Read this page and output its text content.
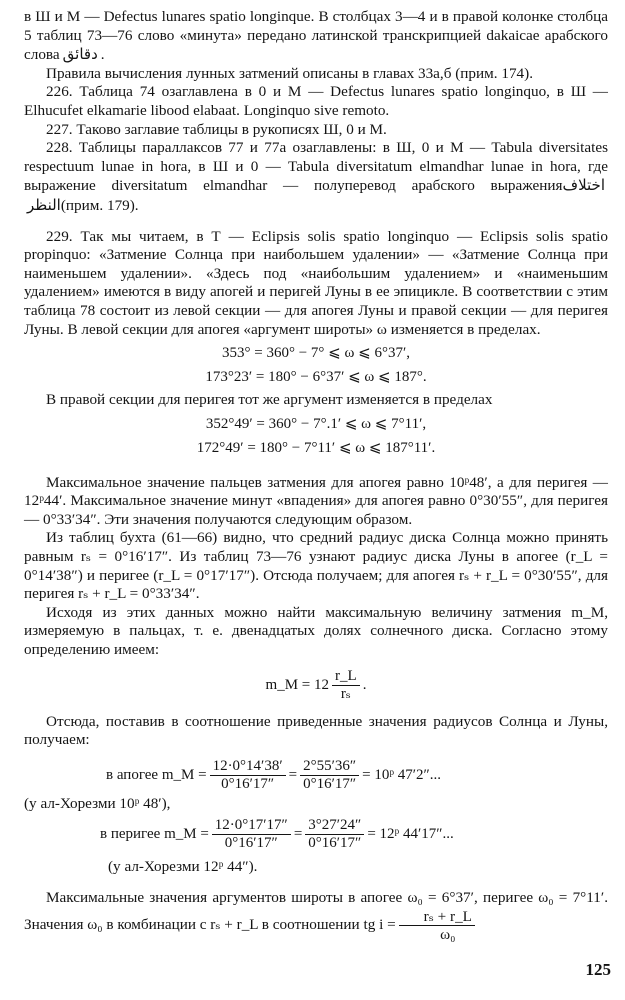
в Ш и М — Defectus lunares spatio longinque. В столбцах 3—4 и в правой колонке столбца 5 таблиц 73—76 слово «минута» передано латинской транскрипцией dakaicae арабского слова دقائق .

Правила вычисления лунных затмений описаны в главах 33а,б (прим. 174).

226. Таблица 74 озаглавлена в 0 и М — Defectus lunares spatio longinquo, в Ш — Elhucufet elkamarie libood elabaat. Longinquo sive remoto.

227. Таково заглавие таблицы в рукописях Ш, 0 и М.

228. Таблицы параллаксов 77 и 77а озаглавлены: в Ш, 0 и М — Tabula diversitates respectuum lunae in hora, в Ш и 0 — Tabula diversitatum elmandhar lunae in hora, где выражение diversitatum elmandhar — полуперевод арабского выраженияاختلاف النظر(прим. 179).

229. Так мы читаем, в Т — Eclipsis solis spatio longinquo — Eclipsis solis spatio propinquo: «Затмение Солнца при наибольшем удалении» — «Затмение Солнца при наименьшем удалении». «Здесь под «наибольшим удалением» и «наименьшим удалением» имеются в виду апогей и перигей Луны в ее эпициклe. В соответствии с этим таблица 78 состоит из левой секции — для апогея Луны и правой секции — для перигея Луны. В левой секции для апогея «аргумент широты» ω изменяется в пределах.

353° = 360° − 7° ⩽ ω ⩽ 6°37′,

173°23′ = 180° − 6°37′ ⩽ ω ⩽ 187°.

В правой секции для перигея тот же аргумент изменяется в пределах

352°49′ = 360° − 7°.1′ ⩽ ω ⩽ 7°11′,

172°49′ = 180° − 7°11′ ⩽ ω ⩽ 187°11′.

Максимальное значение пальцев затмения для апогея равно 10ᵖ48′, а для перигея — 12ᵖ44′. Максимальное значение минут «впадения» для апогея равно 0°30′55″, для перигея — 0°33′34″. Эти значения получаются следующим образом.

Из таблиц бухта (61—66) видно, что средний радиус диска Солнца можно принять равным rₛ = 0°16′17″. Из таблиц 73—76 узнают радиус диска Луны в апогее (r_L = 0°14′38″) и перигее (r_L = 0°17′17″). Отсюда получаем; для апогея rₛ + r_L = 0°30′55″, для перигея rₛ + r_L = 0°33′34″.

Исходя из этих данных можно найти максимальную величину затмения m_M, измеряемую в пальцах, т. е. двенадцатых долях солнечного диска. Согласно этому определению имеем:

m_M = $12 \frac{r\_L}{\text{rₛ}}$ .

Отсюда, поставив в соотношение приведенные значения радиусов Солнца и Луны, получаем:

в апогее m_M = $\frac{12\cdot 0^\circ 14'38'}{0^\circ 16'17''} = \frac{2^\circ 55'36''}{0^\circ 16'17''}$ = 10ᵖ 47′2″...

(у ал-Хорезми 10ᵖ 48′),

в перигее m_M = $\frac{12\cdot 0^\circ 17'17''}{0^\circ 16'17''} = \frac{3^\circ 27'24''}{0^\circ 16'17''}$ = 12ᵖ 44′17″...

(у ал-Хорезми 12ᵖ 44″).

Максимальные значения аргументов широты в апогее ω₀ = 6°37′, перигее ω₀ = 7°11′. Значения ω₀ в комбинации с rₛ + r_L в соотношении tg $i = \frac{\text{rₛ + r\_L}}{\text{ω₀}}$

125
